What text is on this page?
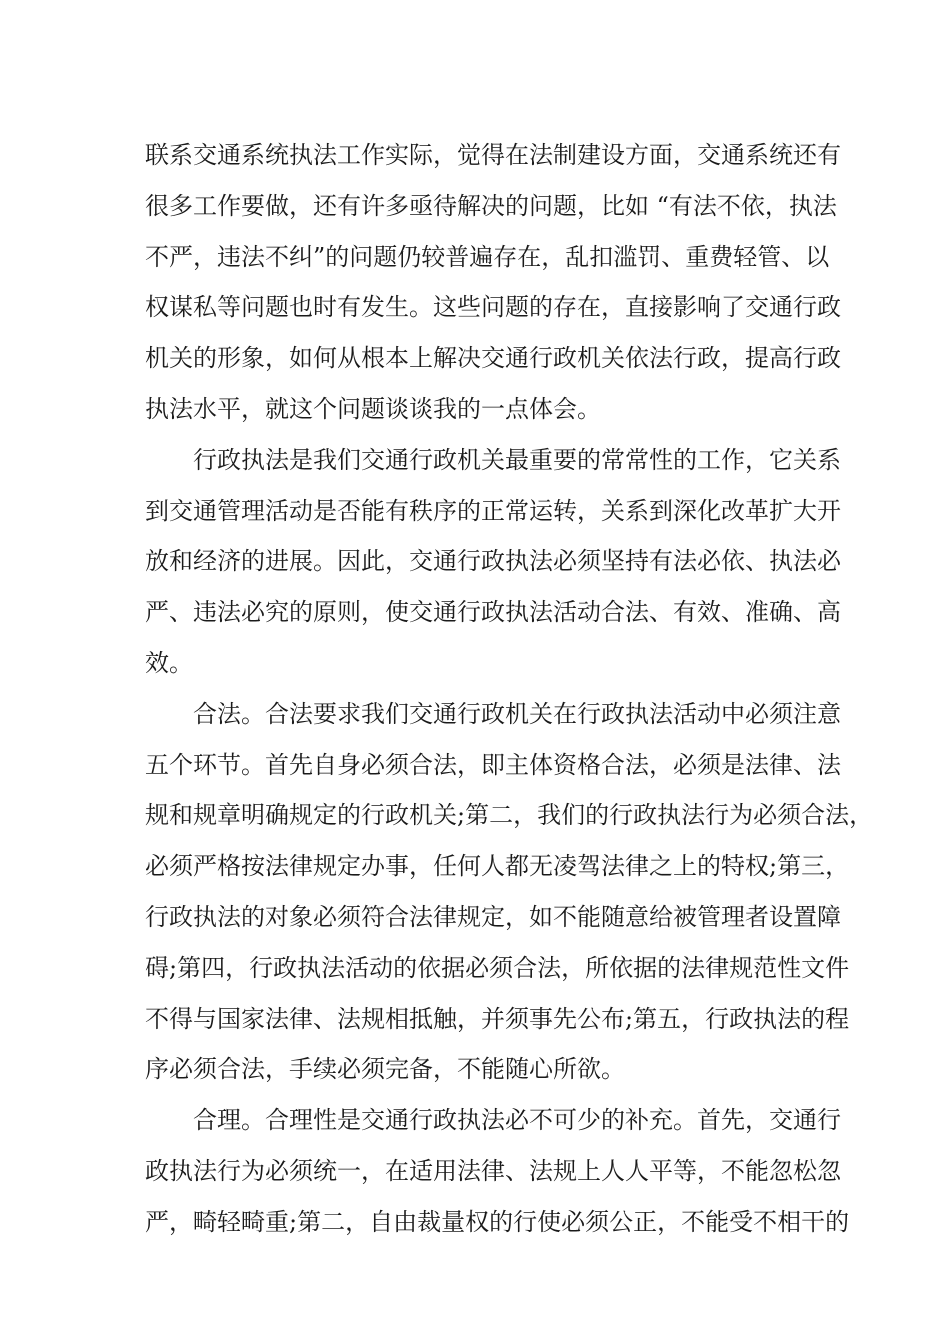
联系交通系统执法工作实际，觉得在法制建设方面，交通系统还有
很多工作要做，还有许多亟待解决的问题，比如 “有法不依，执法
不严，违法不纠”的问题仍较普遍存在，乱扣滥罚、重费轻管、以
权谋私等问题也时有发生。这些问题的存在，直接影响了交通行政
机关的形象，如何从根本上解决交通行政机关依法行政，提高行政
执法水平，就这个问题谈谈我的一点体会。
行政执法是我们交通行政机关最重要的常常性的工作，它关系
到交通管理活动是否能有秩序的正常运转，关系到深化改革扩大开
放和经济的进展。因此，交通行政执法必须坚持有法必依、执法必
严、违法必究的原则，使交通行政执法活动合法、有效、准确、高
效。
合法。合法要求我们交通行政机关在行政执法活动中必须注意
五个环节。首先自身必须合法，即主体资格合法，必须是法律、法
规和规章明确规定的行政机关;第二，我们的行政执法行为必须合法，
必须严格按法律规定办事，任何人都无凌驾法律之上的特权;第三，
行政执法的对象必须符合法律规定，如不能随意给被管理者设置障
碍;第四，行政执法活动的依据必须合法，所依据的法律规范性文件
不得与国家法律、法规相抵触，并须事先公布;第五，行政执法的程
序必须合法，手续必须完备，不能随心所欲。
合理。合理性是交通行政执法必不可少的补充。首先，交通行
政执法行为必须统一，在适用法律、法规上人人平等，不能忽松忽
严，畸轻畸重;第二，自由裁量权的行使必须公正，不能受不相干的
